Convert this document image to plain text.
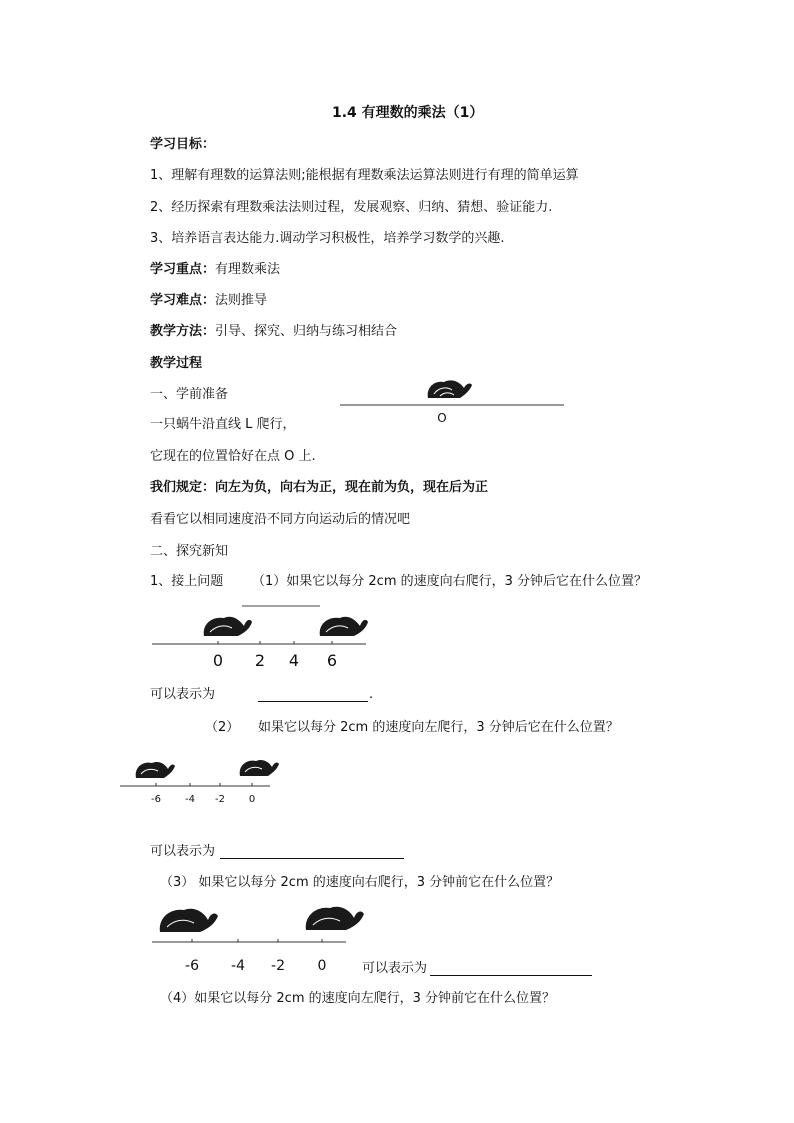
1.4 有理数的乘法（1）
学习目标：
1、理解有理数的运算法则;能根据有理数乘法运算法则进行有理的简单运算
2、经历探索有理数乘法法则过程，发展观察、归纳、猜想、验证能力.
3、培养语言表达能力.调动学习积极性，培养学习数学的兴趣.
学习重点：有理数乘法
学习难点：法则推导
教学方法：引导、探究、归纳与练习相结合
教学过程
一、学前准备
一只蜗牛沿直线 L 爬行，
它现在的位置恰好在点 O 上.
O
我们规定：向左为负，向右为正，现在前为负，现在后为正
看看它以相同速度沿不同方向运动后的情况吧
二、探究新知
1、接上问题 （1）如果它以每分 2cm 的速度向右爬行，3 分钟后它在什么位置？
0 2 4 6
可以表示为	.
（2） 如果它以每分 2cm 的速度向左爬行，3 分钟后它在什么位置？
-6 -4 -2 0
可以表示为
（3） 如果它以每分 2cm 的速度向右爬行，3 分钟前它在什么位置？
-6 -4 -2 0	可以表示为
（4）如果它以每分 2cm 的速度向左爬行，3 分钟前它在什么位置？
